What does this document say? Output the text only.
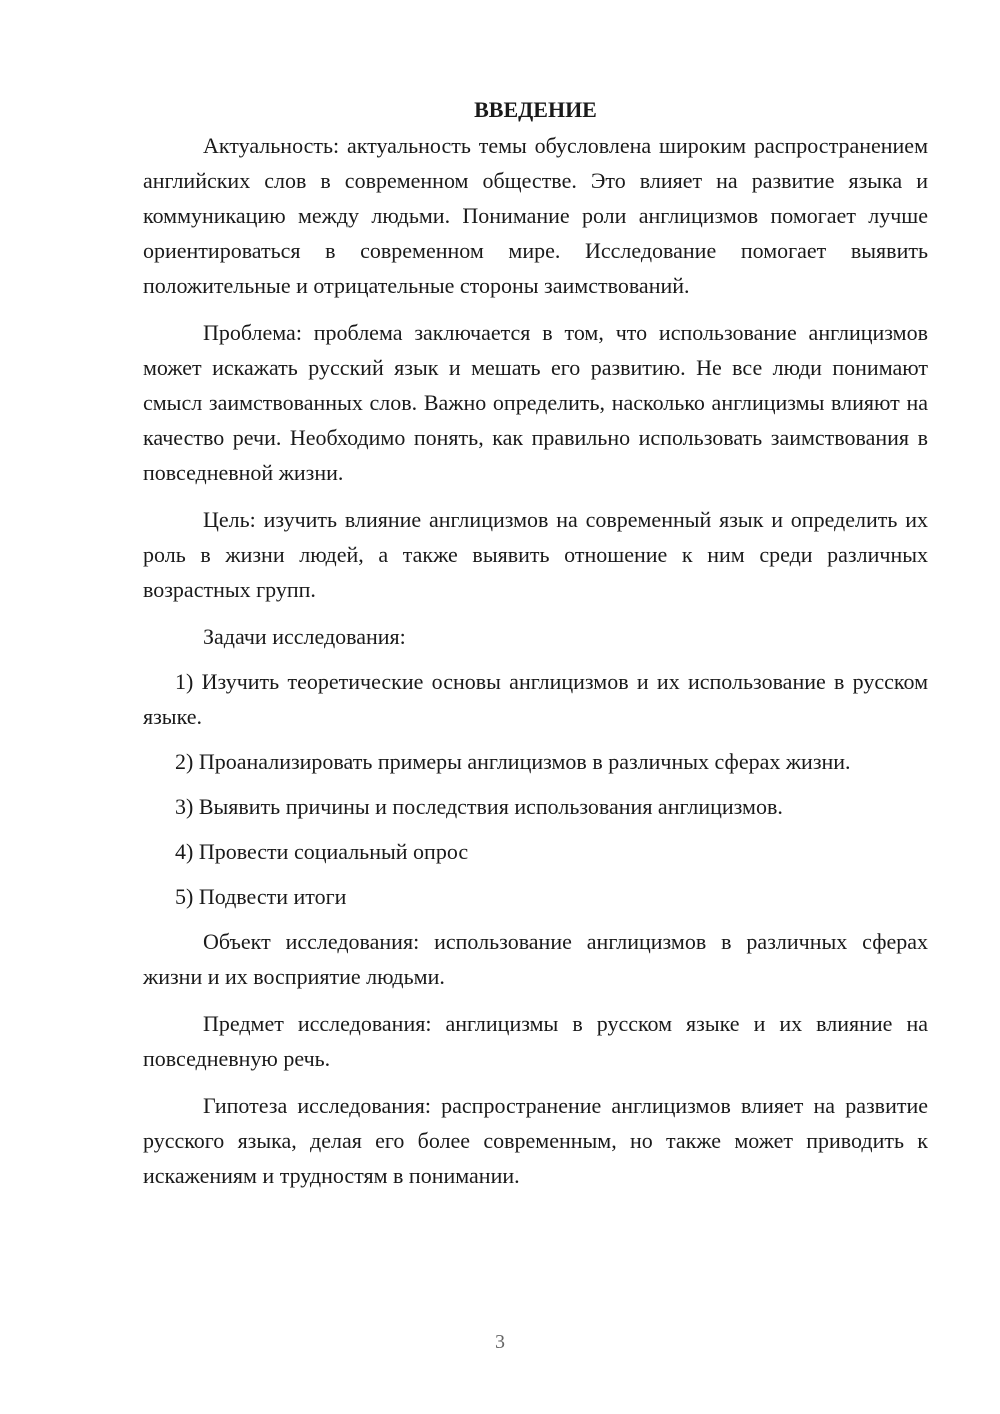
ВВЕДЕНИЕ

Актуальность: актуальность темы обусловлена широким распространением английских слов в современном обществе. Это влияет на развитие языка и коммуникацию между людьми. Понимание роли англицизмов помогает лучше ориентироваться в современном мире. Исследование помогает выявить положительные и отрицательные стороны заимствований.

Проблема: проблема заключается в том, что использование англицизмов может искажать русский язык и мешать его развитию. Не все люди понимают смысл заимствованных слов. Важно определить, насколько англицизмы влияют на качество речи. Необходимо понять, как правильно использовать заимствования в повседневной жизни.

Цель: изучить влияние англицизмов на современный язык и определить их роль в жизни людей, а также выявить отношение к ним среди различных возрастных групп.

Задачи исследования:

1) Изучить теоретические основы англицизмов и их использование в русском языке.

2) Проанализировать примеры англицизмов в различных сферах жизни.

3) Выявить причины и последствия использования англицизмов.

4) Провести социальный опрос

5) Подвести итоги

Объект исследования: использование англицизмов в различных сферах жизни и их восприятие людьми.

Предмет исследования: англицизмы в русском языке и их влияние на повседневную речь.

Гипотеза исследования: распространение англицизмов влияет на развитие русского языка, делая его более современным, но также может приводить к искажениям и трудностям в понимании.

3
